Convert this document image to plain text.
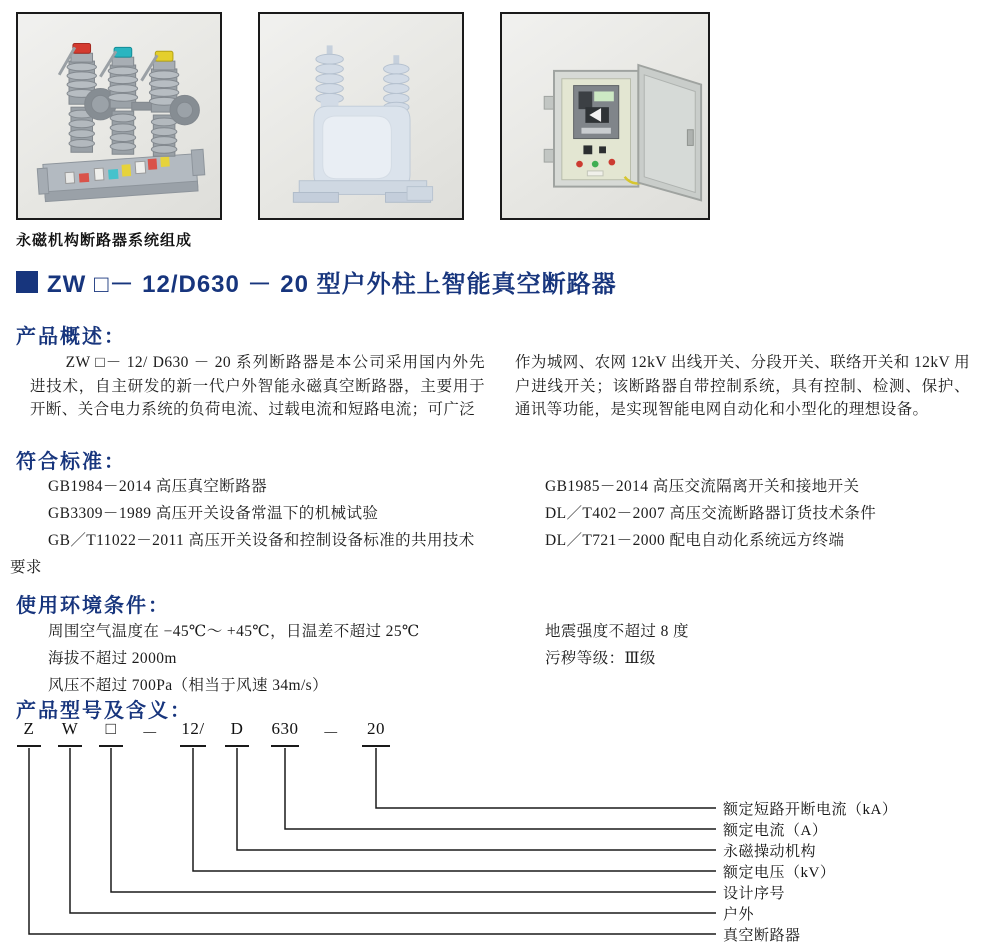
永磁机构断路器系统组成
ZW □－ 12/D630 － 20 型户外柱上智能真空断路器
产品概述：
ZW □－ 12/ D630 － 20 系列断路器是本公司采用国内外先进技术，自主研发的新一代户外智能永磁真空断路器，主要用于开断、关合电力系统的负荷电流、过载电流和短路电流；可广泛
作为城网、农网 12kV 出线开关、分段开关、联络开关和 12kV 用户进线开关；该断路器自带控制系统，具有控制、检测、保护、通讯等功能，是实现智能电网自动化和小型化的理想设备。
符合标准：
GB1984－2014 高压真空断路器
GB3309－1989 高压开关设备常温下的机械试验
GB／T11022－2011 高压开关设备和控制设备标准的共用技术要求
GB1985－2014 高压交流隔离开关和接地开关
DL／T402－2007 高压交流断路器订货技术条件
DL／T721－2000 配电自动化系统远方终端
使用环境条件：
周围空气温度在 −45℃～ +45℃，日温差不超过 25℃
海拔不超过 2000m
风压不超过 700Pa（相当于风速 34m/s）
地震强度不超过 8 度
污秽等级：Ⅲ级
产品型号及含义：
Z W □ － 12/ D 630 － 20
额定短路开断电流（kA）
额定电流（A）
永磁操动机构
额定电压（kV）
设计序号
户外
真空断路器
